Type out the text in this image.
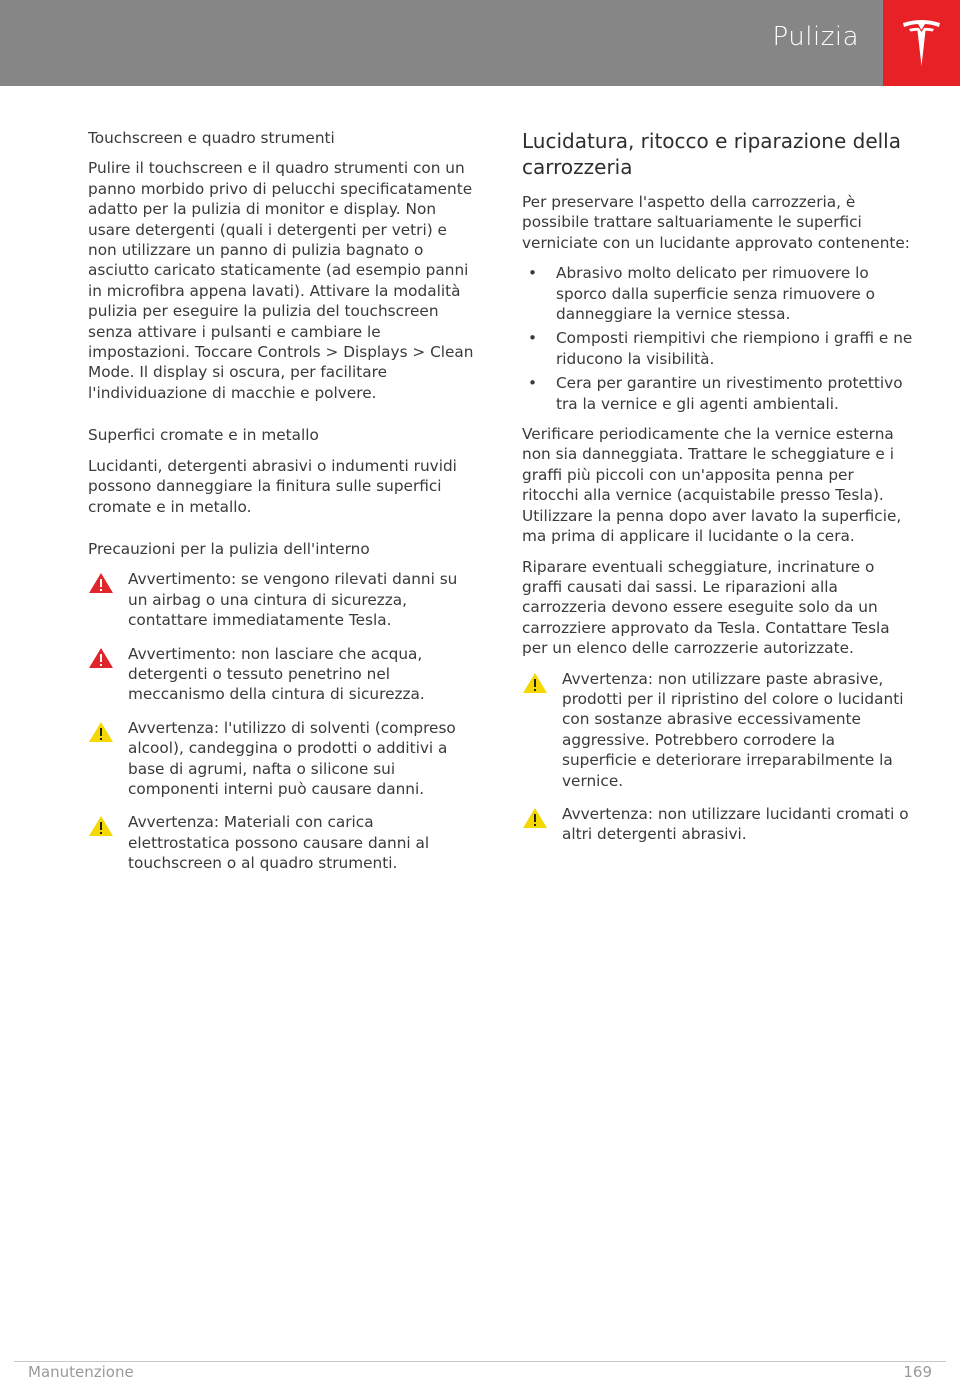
Pulizia
Touchscreen e quadro strumenti

Pulire il touchscreen e il quadro strumenti con un panno morbido privo di pelucchi specificatamente adatto per la pulizia di monitor e display. Non usare detergenti (quali i detergenti per vetri) e non utilizzare un panno di pulizia bagnato o asciutto caricato staticamente (ad esempio panni in microfibra appena lavati). Attivare la modalità pulizia per eseguire la pulizia del touchscreen senza attivare i pulsanti e cambiare le impostazioni. Toccare Controls > Displays > Clean Mode. Il display si oscura, per facilitare l'individuazione di macchie e polvere.

Superfici cromate e in metallo

Lucidanti, detergenti abrasivi o indumenti ruvidi possono danneggiare la finitura sulle superfici cromate e in metallo.

Precauzioni per la pulizia dell'interno
Avvertimento: se vengono rilevati danni su un airbag o una cintura di sicurezza, contattare immediatamente Tesla.
Avvertimento: non lasciare che acqua, detergenti o tessuto penetrino nel meccanismo della cintura di sicurezza.
Avvertenza: l'utilizzo di solventi (compreso alcool), candeggina o prodotti o additivi a base di agrumi, nafta o silicone sui componenti interni può causare danni.
Avvertenza: Materiali con carica elettrostatica possono causare danni al touchscreen o al quadro strumenti.
Lucidatura, ritocco e riparazione della carrozzeria

Per preservare l'aspetto della carrozzeria, è possibile trattare saltuariamente le superfici verniciate con un lucidante approvato contenente:

• Abrasivo molto delicato per rimuovere lo sporco dalla superficie senza rimuovere o danneggiare la vernice stessa.
• Composti riempitivi che riempiono i graffi e ne riducono la visibilità.
• Cera per garantire un rivestimento protettivo tra la vernice e gli agenti ambientali.

Verificare periodicamente che la vernice esterna non sia danneggiata. Trattare le scheggiature e i graffi più piccoli con un'apposita penna per ritocchi alla vernice (acquistabile presso Tesla). Utilizzare la penna dopo aver lavato la superficie, ma prima di applicare il lucidante o la cera.

Riparare eventuali scheggiature, incrinature o graffi causati dai sassi. Le riparazioni alla carrozzeria devono essere eseguite solo da un carrozziere approvato da Tesla. Contattare Tesla per un elenco delle carrozzerie autorizzate.

Avvertenza: non utilizzare paste abrasive, prodotti per il ripristino del colore o lucidanti con sostanze abrasive eccessivamente aggressive. Potrebbero corrodere la superficie e deteriorare irreparabilmente la vernice.
Avvertenza: non utilizzare lucidanti cromati o altri detergenti abrasivi.
Manutenzione	169
